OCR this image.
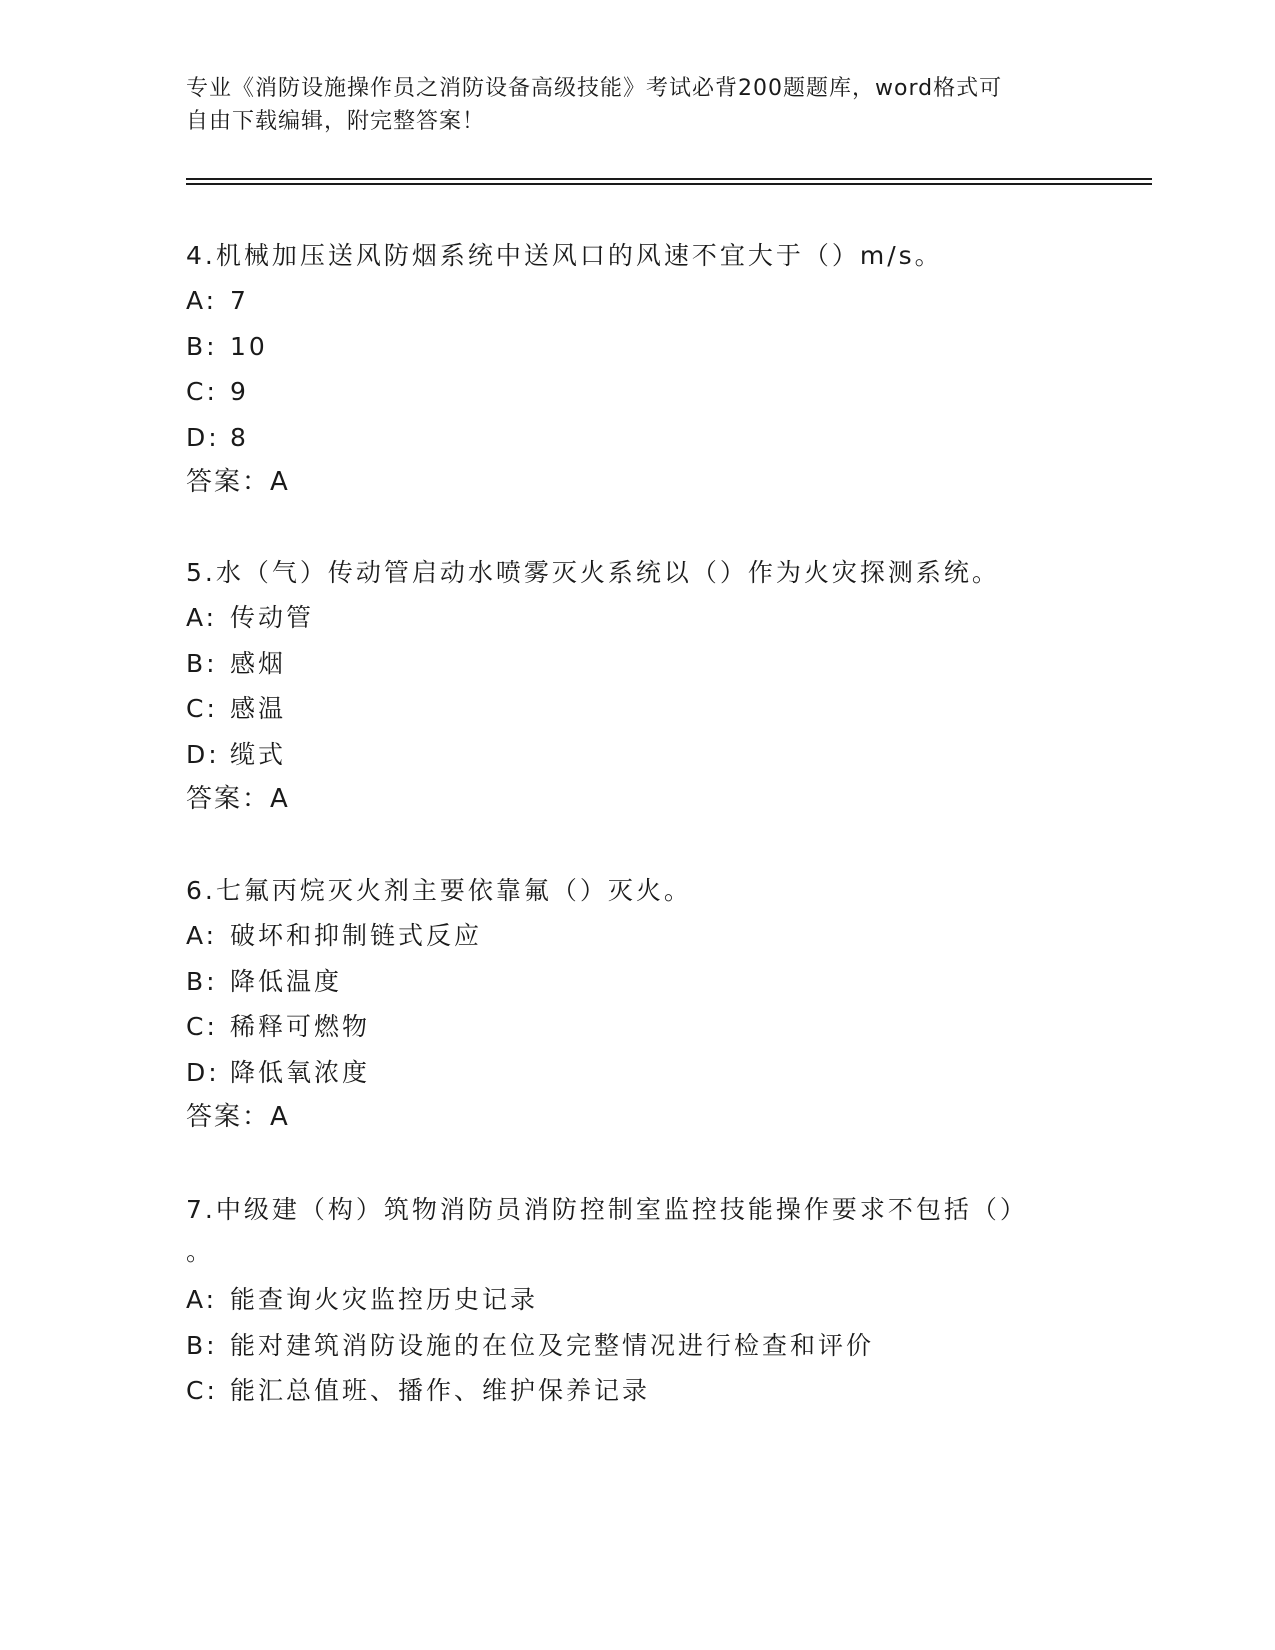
专业《消防设施操作员之消防设备高级技能》考试必背200题题库，word格式可
自由下载编辑，附完整答案！
4.机械加压送风防烟系统中送风口的风速不宜大于（）m/s。
A: 7
B: 10
C: 9
D: 8
答案：A
5.水（气）传动管启动水喷雾灭火系统以（）作为火灾探测系统。
A: 传动管
B: 感烟
C: 感温
D: 缆式
答案：A
6.七氟丙烷灭火剂主要依靠氟（）灭火。
A: 破坏和抑制链式反应
B: 降低温度
C: 稀释可燃物
D: 降低氧浓度
答案：A
7.中级建（构）筑物消防员消防控制室监控技能操作要求不包括（）
。
A: 能查询火灾监控历史记录
B: 能对建筑消防设施的在位及完整情况进行检查和评价
C: 能汇总值班、播作、维护保养记录
